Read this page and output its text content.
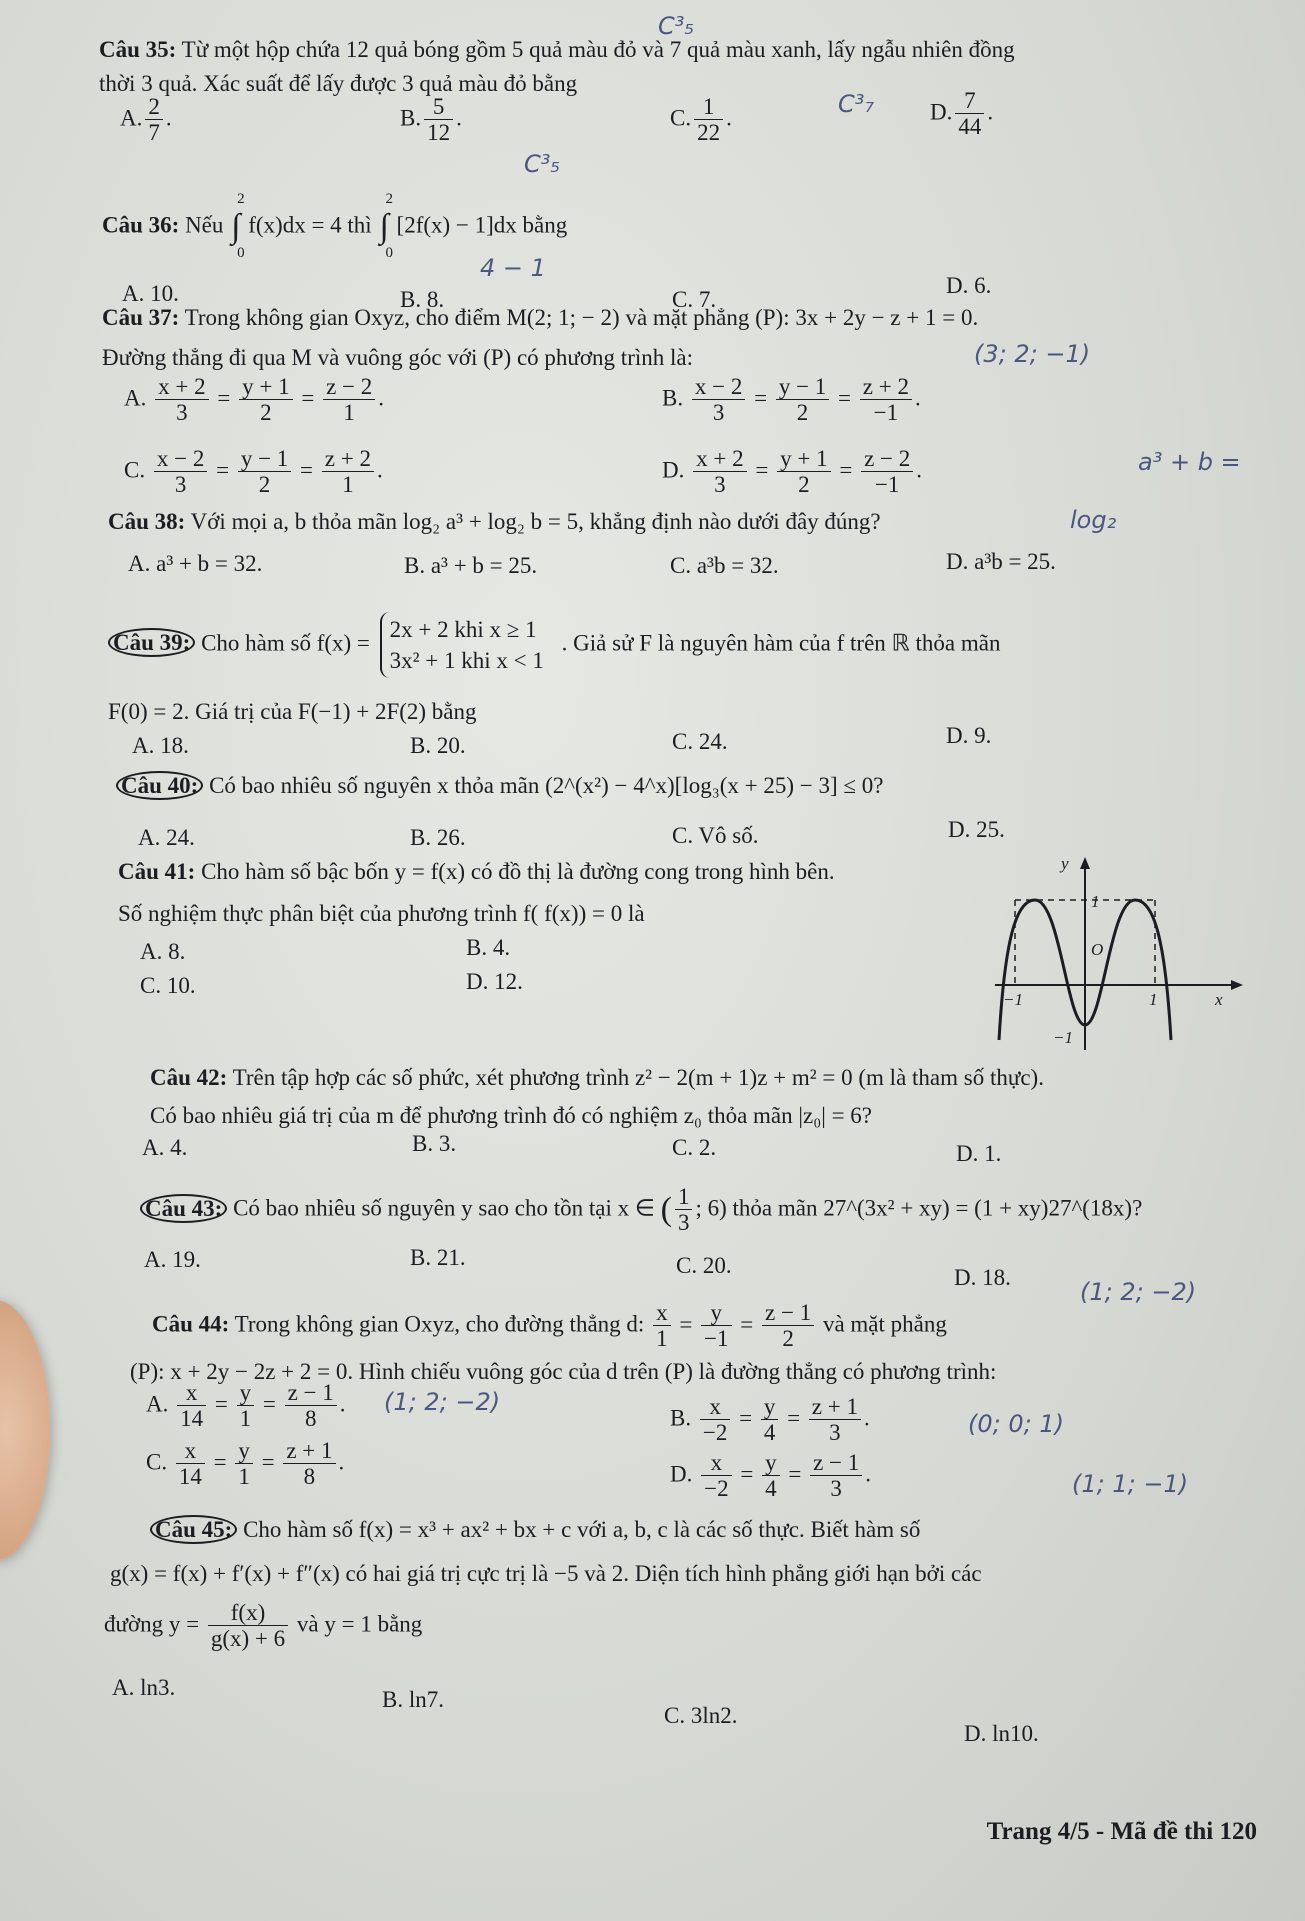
Câu 35: Từ một hộp chứa 12 quả bóng gồm 5 quả màu đỏ và 7 quả màu xanh, lấy ngẫu nhiên đồng
thời 3 quả. Xác suất để lấy được 3 quả màu đỏ bằng
A. $\frac{2}{7}$ .	B. $\frac{5}{12}$ .	C. $\frac{1}{22}$ .	D. $\frac{7}{44}$ .
Câu 36: Nếu ∫
2
0
f(x)dx = 4 thì ∫
2
0
[2f(x) − 1]dx bằng
A. 10.	B. 8.	C. 7.
D. 6.
Câu 37: Trong không gian Oxyz, cho điểm M(2; 1; − 2) và mặt phẳng (P): 3x + 2y − z + 1 = 0.
Đường thẳng đi qua M và vuông góc với (P) có phương trình là:
A. $\frac{x + 2}{3} = \frac{y + 1}{2} = \frac{z - 2}{1}$ .	B. $\frac{x - 2}{3} = \frac{y - 1}{2} = \frac{z + 2}{-1}$ .
C. $\frac{x - 2}{3} = \frac{y - 1}{2} = \frac{z + 2}{1}$ .	D. $\frac{x + 2}{3} = \frac{y + 1}{2} = \frac{z - 2}{-1}$ .
Câu 38: Với mọi a, b thỏa mãn log₂ a³ + log₂ b = 5, khẳng định nào dưới đây đúng?
A. a³ + b = 32.	B. a³ + b = 25.	C. a³b = 32.	D. a³b = 25.
Câu 39: Cho hàm số f(x) =
2x + 2 khi x ≥ 1
3x² + 1 khi x < 1
. Giả sử F là nguyên hàm của f trên ℝ thỏa mãn
F(0) = 2. Giá trị của F(−1) + 2F(2) bằng
A. 18.	B. 20.	C. 24.	D. 9.
Câu 40: Có bao nhiêu số nguyên x thỏa mãn (2^(x²) − 4^x)[log₃(x + 25) − 3] ≤ 0?
A. 24.	B. 26.	C. Vô số.	D. 25.
Câu 41: Cho hàm số bậc bốn y = f(x) có đồ thị là đường cong trong hình bên.
Số nghiệm thực phân biệt của phương trình f( f(x)) = 0 là
A. 8.	B. 4.
C. 10.	D. 12.
y
x
O
1
−1
1
−1
Câu 42: Trên tập hợp các số phức, xét phương trình z² − 2(m + 1)z + m² = 0 (m là tham số thực).
Có bao nhiêu giá trị của m để phương trình đó có nghiệm z₀ thỏa mãn |z₀| = 6?
A. 4.	B. 3.	C. 2.	D. 1.
Câu 43: Có bao nhiêu số nguyên y sao cho tồn tại x ∈ ( $\frac{1}{3}$ ; 6) thỏa mãn 27^(3x² + xy) = (1 + xy)27^(18x)?
A. 19.	B. 21.	C. 20.	D. 18.
Câu 44: Trong không gian Oxyz, cho đường thẳng d: $\frac{x}{1} = \frac{y}{-1} = \frac{z - 1}{2}$ và mặt phẳng
(P): x + 2y − 2z + 2 = 0. Hình chiếu vuông góc của d trên (P) là đường thẳng có phương trình:
A. $\frac{x}{14} = \frac{y}{1} = \frac{z - 1}{8}$ .
B. $\frac{x}{-2} = \frac{y}{4} = \frac{z + 1}{3}$ .
C. $\frac{x}{14} = \frac{y}{1} = \frac{z + 1}{8}$ .	D. $\frac{x}{-2} = \frac{y}{4} = \frac{z - 1}{3}$ .
Câu 45: Cho hàm số f(x) = x³ + ax² + bx + c với a, b, c là các số thực. Biết hàm số
g(x) = f(x) + f′(x) + f″(x) có hai giá trị cực trị là −5 và 2. Diện tích hình phẳng giới hạn bởi các
đường $y = \frac{f(x)}{g(x) + 6}$ và y = 1 bằng
A. ln3.	B. ln7.
C. 3ln2.
D. ln10.
Trang 4/5 - Mã đề thi 120
C³₅
C³₇
C³₅
4 − 1
(3; 2; −1)
a³ + b =
log₂
(1; 2; −2)
(1; 2; −2)
(0; 0; 1)
(1; 1; −1)
